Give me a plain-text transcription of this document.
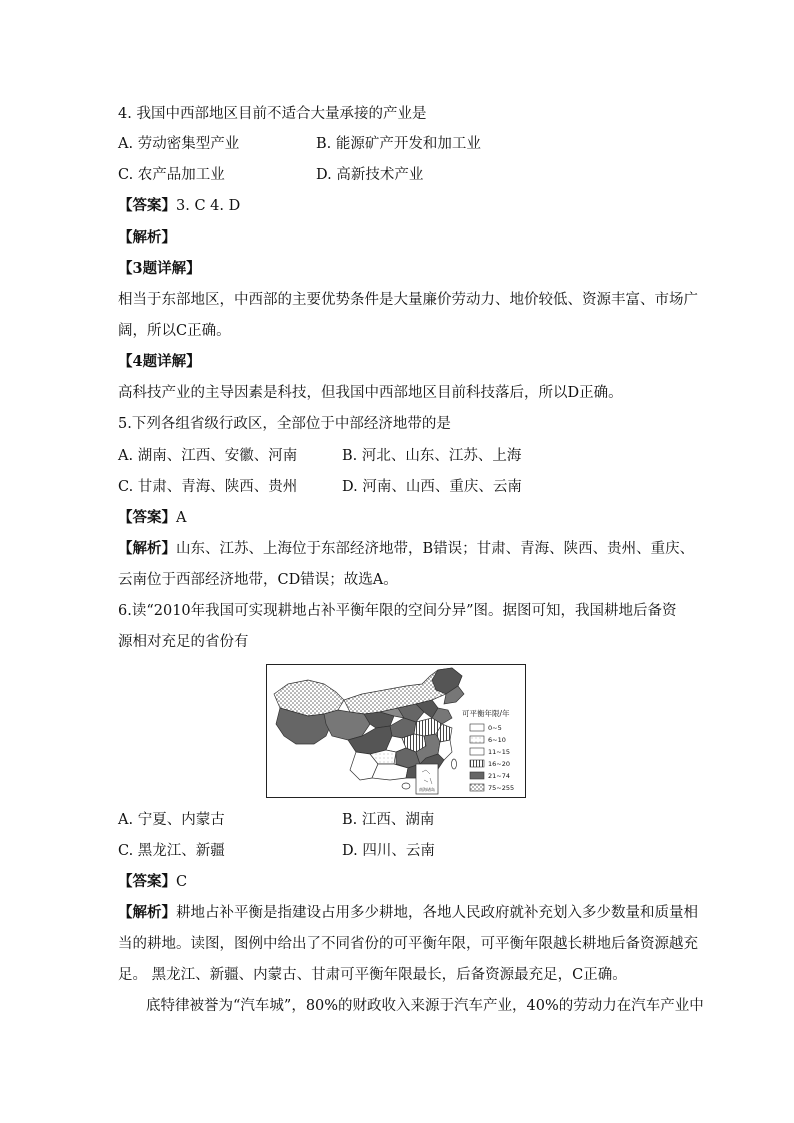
4. 我国中西部地区目前不适合大量承接的产业是
A. 劳动密集型产业	B. 能源矿产开发和加工业
C. 农产品加工业	D. 高新技术产业
【答案】3. C 4. D
【解析】
【3题详解】
相当于东部地区，中西部的主要优势条件是大量廉价劳动力、地价较低、资源丰富、市场广
阔，所以C正确。
【4题详解】
高科技产业的主导因素是科技，但我国中西部地区目前科技落后，所以D正确。
5.下列各组省级行政区，全部位于中部经济地带的是
A. 湖南、江西、安徽、河南	B. 河北、山东、江苏、上海
C. 甘肃、青海、陕西、贵州	D. 河南、山西、重庆、云南
【答案】A
【解析】山东、江苏、上海位于东部经济地带，B错误；甘肃、青海、陕西、贵州、重庆、
云南位于西部经济地带，CD错误；故选A。
6.读“2010年我国可实现耕地占补平衡年限的空间分异”图。据图可知，我国耕地后备资
源相对充足的省份有
南海诸岛
可平衡年限/年
0~5
6~10
11~15
16~20
21~74
75~255
A. 宁夏、内蒙古	B. 江西、湖南
C. 黑龙江、新疆	D. 四川、云南
【答案】C
【解析】耕地占补平衡是指建设占用多少耕地，各地人民政府就补充划入多少数量和质量相
当的耕地。读图，图例中给出了不同省份的可平衡年限，可平衡年限越长耕地后备资源越充
足。 黑龙江、新疆、内蒙古、甘肃可平衡年限最长，后备资源最充足，C正确。
底特律被誉为“汽车城”，80%的财政收入来源于汽车产业，40%的劳动力在汽车产业中
